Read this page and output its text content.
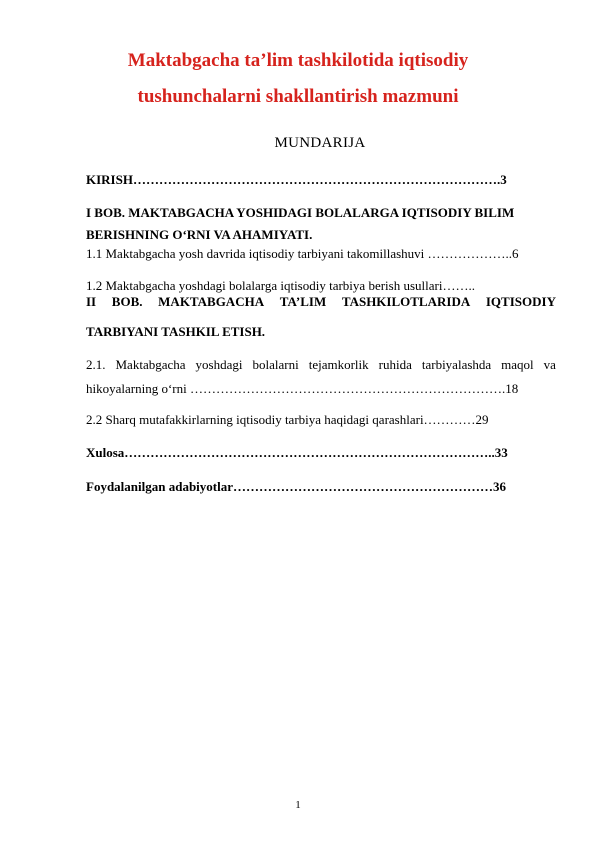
Maktabgacha ta’lim tashkilotida iqtisodiy
tushunchalarni shakllantirish mazmuni
MUNDARIJA
KIRISH………………………………………………………………………….3
I BOB. MAKTABGACHA YOSHIDAGI BOLALARGA IQTISODIY BILIM
BERISHNING O‘RNI VA AHAMIYATI.
1.1 Maktabgacha yosh davrida iqtisodiy tarbiyani takomillashuvi ………………..6
1.2 Maktabgacha yoshdagi bolalarga iqtisodiy tarbiya berish usullari……..
II BOB. MAKTABGACHA TA’LIM TASHKILOTLARIDA IQTISODIY
TARBIYANI TASHKIL ETISH.
2.1. Maktabgacha yoshdagi bolalarni tejamkorlik ruhida tarbiyalashda maqol va
hikoyalarning o‘rni ……………………………………………………………….18
2.2 Sharq mutafakkirlarning iqtisodiy tarbiya haqidagi qarashlari…………29
Xulosa…………………………………………………………………………..33
Foydalanilgan adabiyotlar……………………………………………………36
1
